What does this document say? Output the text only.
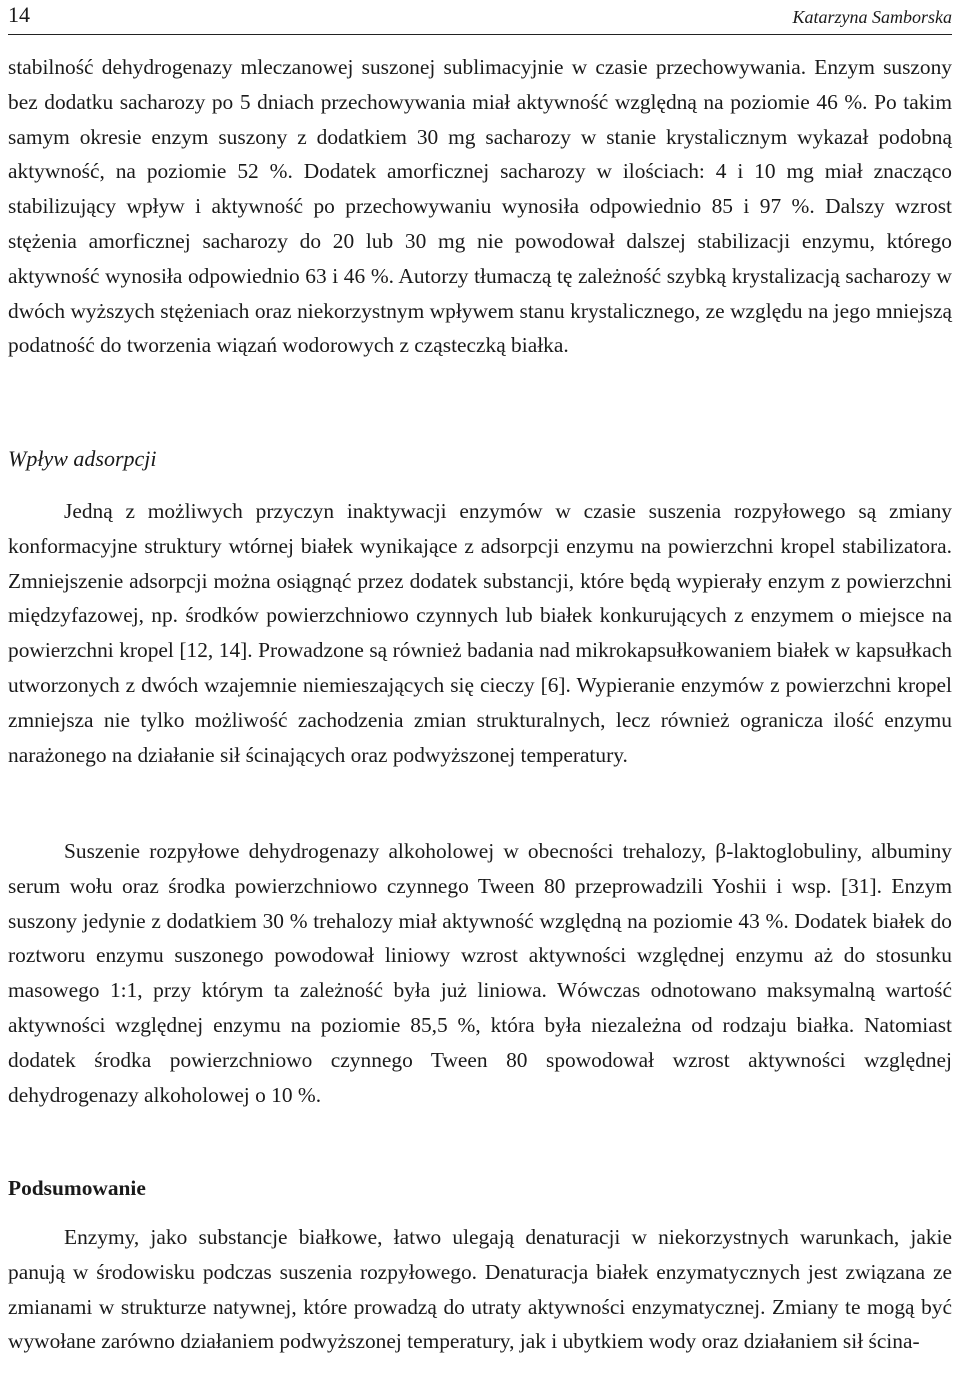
14	Katarzyna Samborska

stabilność dehydrogenazy mleczanowej suszonej sublimacyjnie w czasie przechowywania. Enzym suszony bez dodatku sacharozy po 5 dniach przechowywania miał aktywność względną na poziomie 46 %. Po takim samym okresie enzym suszony z dodatkiem 30 mg sacharozy w stanie krystalicznym wykazał podobną aktywność, na poziomie 52 %. Dodatek amorficznej sacharozy w ilościach: 4 i 10 mg miał znacząco stabilizujący wpływ i aktywność po przechowywaniu wynosiła odpowiednio 85 i 97 %. Dalszy wzrost stężenia amorficznej sacharozy do 20 lub 30 mg nie powodował dalszej stabilizacji enzymu, którego aktywność wynosiła odpowiednio 63 i 46 %. Autorzy tłumaczą tę zależność szybką krystalizacją sacharozy w dwóch wyższych stężeniach oraz niekorzystnym wpływem stanu krystalicznego, ze względu na jego mniejszą podatność do tworzenia wiązań wodorowych z cząsteczką białka.

Wpływ adsorpcji

Jedną z możliwych przyczyn inaktywacji enzymów w czasie suszenia rozpyłowego są zmiany konformacyjne struktury wtórnej białek wynikające z adsorpcji enzymu na powierzchni kropel stabilizatora. Zmniejszenie adsorpcji można osiągnąć przez dodatek substancji, które będą wypierały enzym z powierzchni międzyfazowej, np. środków powierzchniowo czynnych lub białek konkurujących z enzymem o miejsce na powierzchni kropel [12, 14]. Prowadzone są również badania nad mikrokapsułkowaniem białek w kapsułkach utworzonych z dwóch wzajemnie niemieszających się cieczy [6]. Wypieranie enzymów z powierzchni kropel zmniejsza nie tylko możliwość zachodzenia zmian strukturalnych, lecz również ogranicza ilość enzymu narażonego na działanie sił ścinających oraz podwyższonej temperatury.

Suszenie rozpyłowe dehydrogenazy alkoholowej w obecności trehalozy, β-laktoglobuliny, albuminy serum wołu oraz środka powierzchniowo czynnego Tween 80 przeprowadzili Yoshii i wsp. [31]. Enzym suszony jedynie z dodatkiem 30 % trehalozy miał aktywność względną na poziomie 43 %. Dodatek białek do roztworu enzymu suszonego powodował liniowy wzrost aktywności względnej enzymu aż do stosunku masowego 1:1, przy którym ta zależność była już liniowa. Wówczas odnotowano maksymalną wartość aktywności względnej enzymu na poziomie 85,5 %, która była niezależna od rodzaju białka. Natomiast dodatek środka powierzchniowo czynnego Tween 80 spowodował wzrost aktywności względnej dehydrogenazy alkoholowej o 10 %.

Podsumowanie

Enzymy, jako substancje białkowe, łatwo ulegają denaturacji w niekorzystnych warunkach, jakie panują w środowisku podczas suszenia rozpyłowego. Denaturacja białek enzymatycznych jest związana ze zmianami w strukturze natywnej, które prowadzą do utraty aktywności enzymatycznej. Zmiany te mogą być wywołane zarówno działaniem podwyższonej temperatury, jak i ubytkiem wody oraz działaniem sił ścina-
